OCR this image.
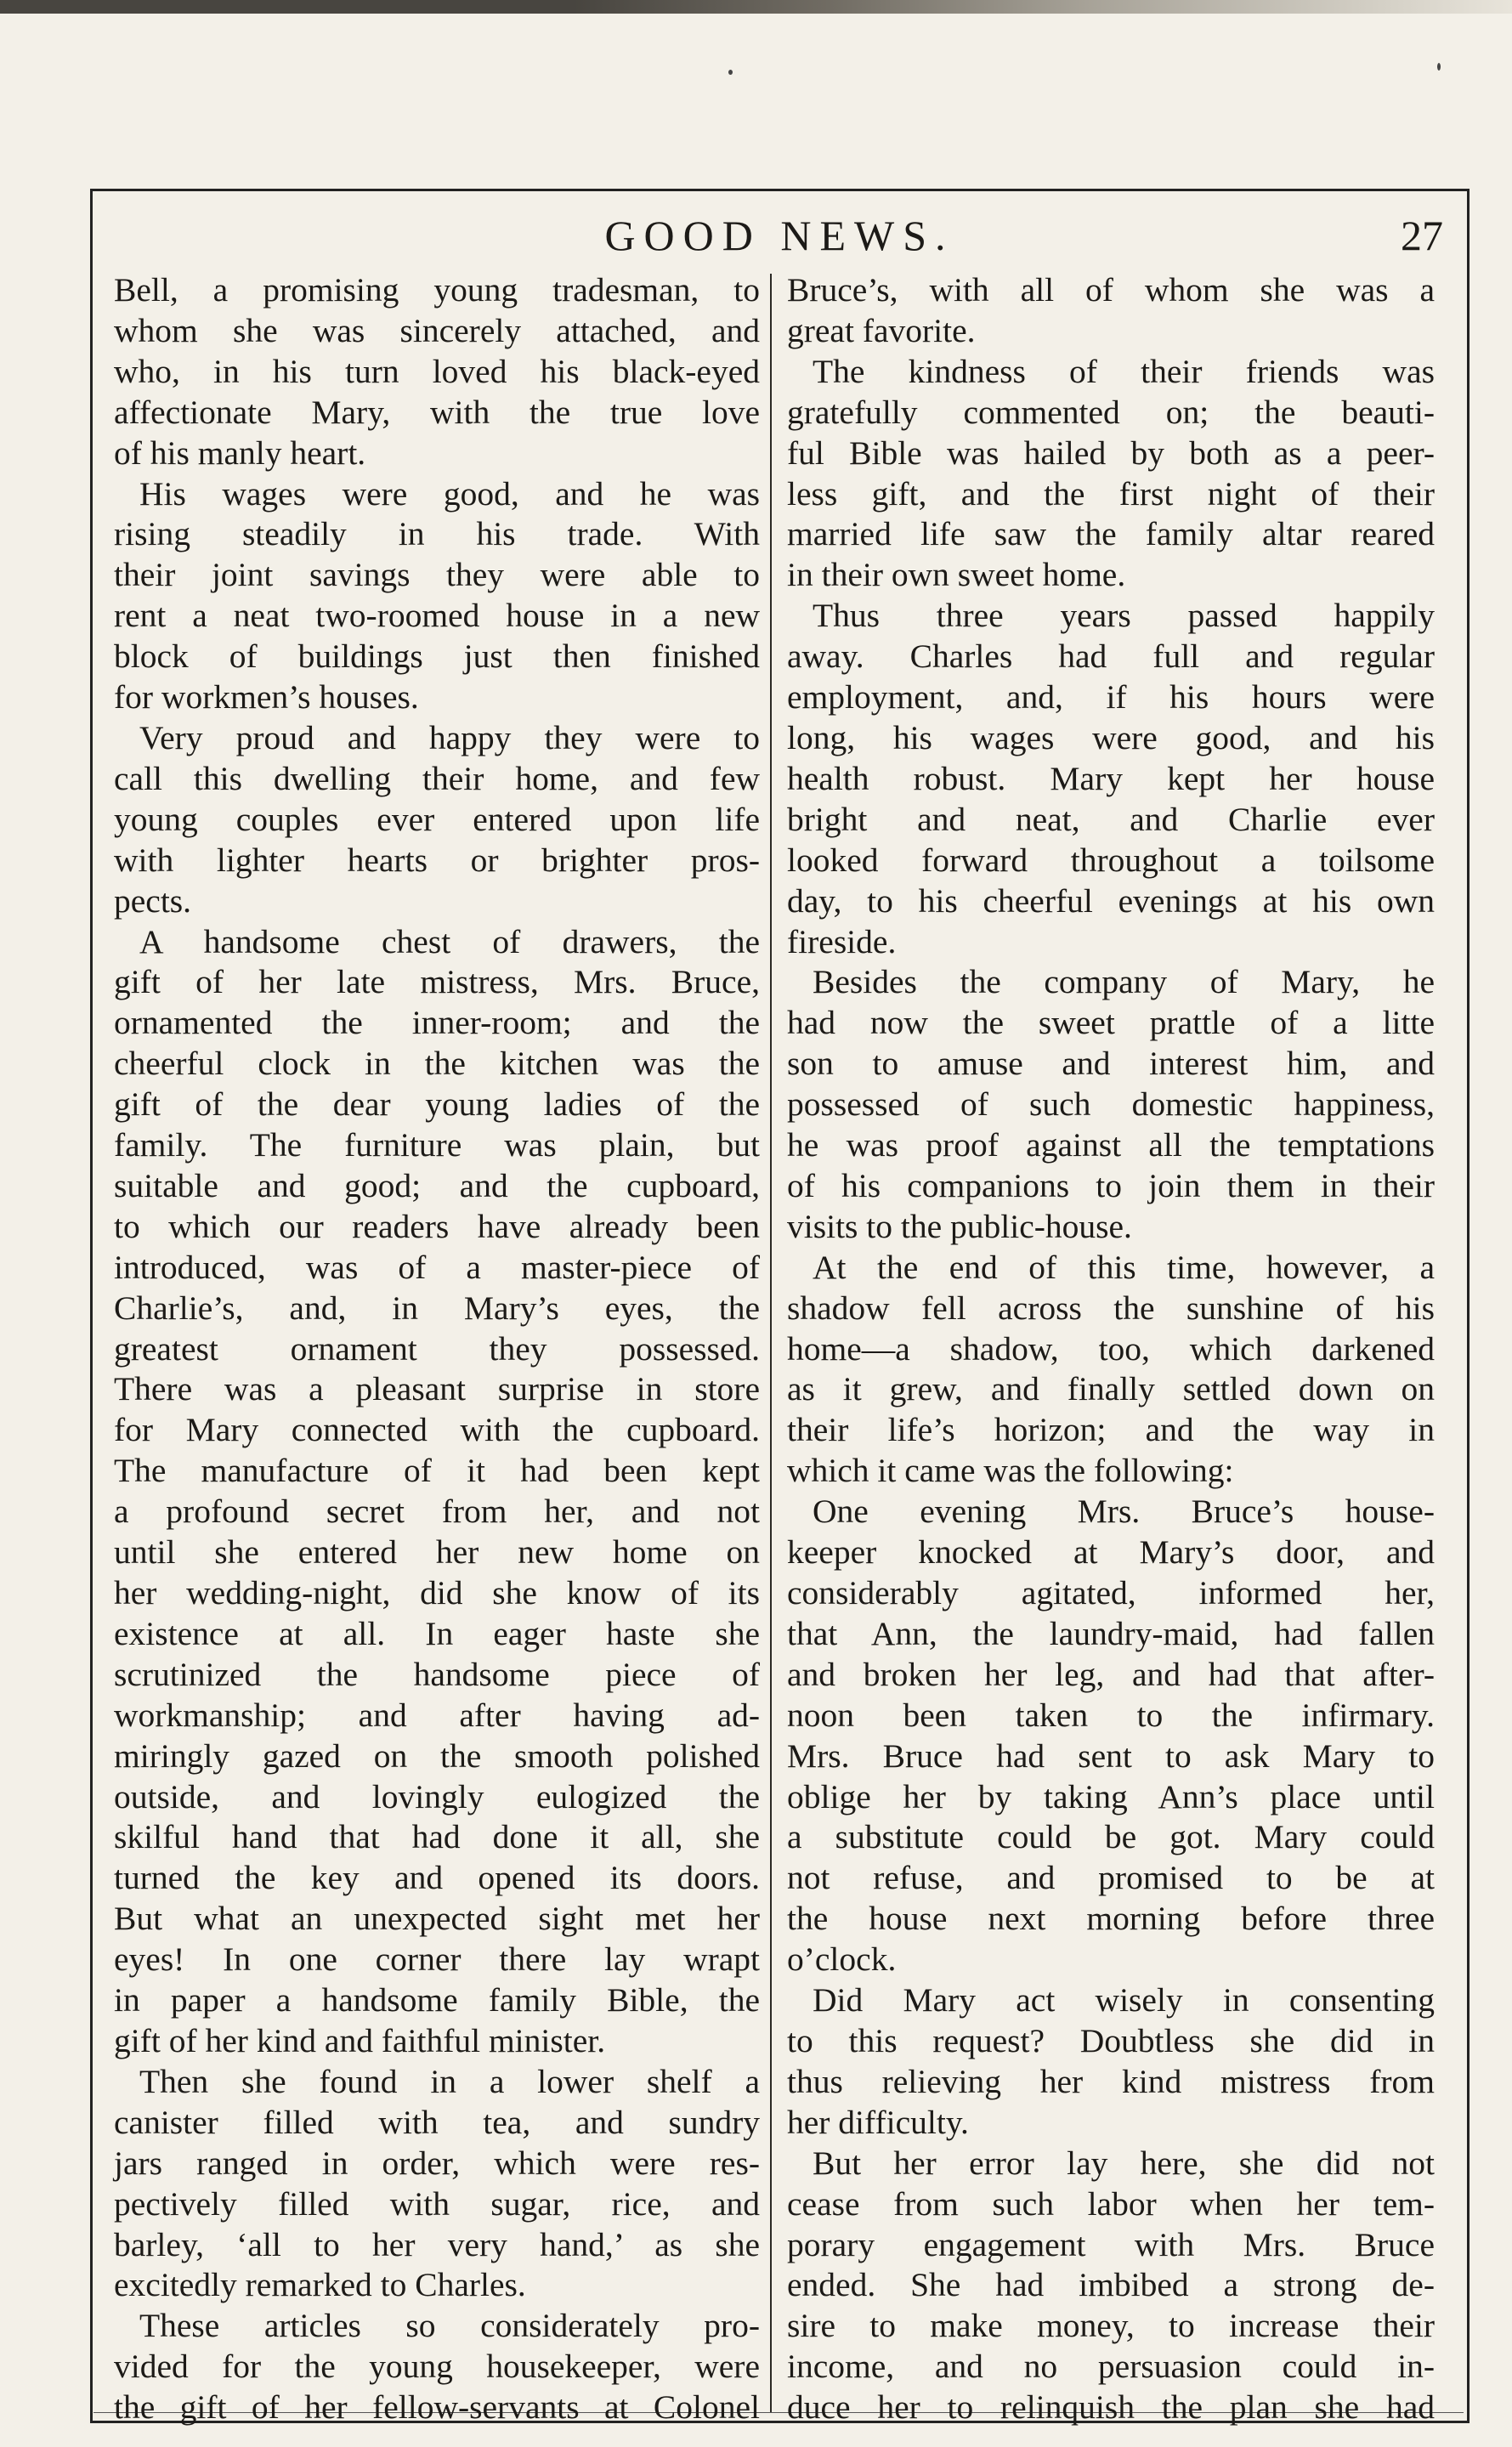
GOOD NEWS.	27

Bell, a promising young tradesman, to
whom she was sincerely attached, and
who, in his turn loved his black-eyed
affectionate Mary, with the true love
of his manly heart.

His wages were good, and he was
rising steadily in his trade. With
their joint savings they were able to
rent a neat two-roomed house in a new
block of buildings just then finished
for workmen’s houses.

Very proud and happy they were to
call this dwelling their home, and few
young couples ever entered upon life
with lighter hearts or brighter pros-
pects.

A handsome chest of drawers, the
gift of her late mistress, Mrs. Bruce,
ornamented the inner-room; and the
cheerful clock in the kitchen was the
gift of the dear young ladies of the
family. The furniture was plain, but
suitable and good; and the cupboard,
to which our readers have already been
introduced, was of a master-piece of
Charlie’s, and, in Mary’s eyes, the
greatest ornament they possessed.
There was a pleasant surprise in store
for Mary connected with the cupboard.
The manufacture of it had been kept
a profound secret from her, and not
until she entered her new home on
her wedding-night, did she know of its
existence at all. In eager haste she
scrutinized the handsome piece of
workmanship; and after having ad-
miringly gazed on the smooth polished
outside, and lovingly eulogized the
skilful hand that had done it all, she
turned the key and opened its doors.
But what an unexpected sight met her
eyes! In one corner there lay wrapt
in paper a handsome family Bible, the
gift of her kind and faithful minister.

Then she found in a lower shelf a
canister filled with tea, and sundry
jars ranged in order, which were res-
pectively filled with sugar, rice, and
barley, ‘all to her very hand,’ as she
excitedly remarked to Charles.

These articles so considerately pro-
vided for the young housekeeper, were
the gift of her fellow-servants at Colonel

Bruce’s, with all of whom she was a
great favorite.

The kindness of their friends was
gratefully commented on; the beauti-
ful Bible was hailed by both as a peer-
less gift, and the first night of their
married life saw the family altar reared
in their own sweet home.

Thus three years passed happily
away. Charles had full and regular
employment, and, if his hours were
long, his wages were good, and his
health robust. Mary kept her house
bright and neat, and Charlie ever
looked forward throughout a toilsome
day, to his cheerful evenings at his own
fireside.

Besides the company of Mary, he
had now the sweet prattle of a litte
son to amuse and interest him, and
possessed of such domestic happiness,
he was proof against all the temptations
of his companions to join them in their
visits to the public-house.

At the end of this time, however, a
shadow fell across the sunshine of his
home—a shadow, too, which darkened
as it grew, and finally settled down on
their life’s horizon; and the way in
which it came was the following:

One evening Mrs. Bruce’s house-
keeper knocked at Mary’s door, and
considerably agitated, informed her,
that Ann, the laundry-maid, had fallen
and broken her leg, and had that after-
noon been taken to the infirmary.
Mrs. Bruce had sent to ask Mary to
oblige her by taking Ann’s place until
a substitute could be got. Mary could
not refuse, and promised to be at
the house next morning before three
o’clock.

Did Mary act wisely in consenting
to this request? Doubtless she did in
thus relieving her kind mistress from
her difficulty.

But her error lay here, she did not
cease from such labor when her tem-
porary engagement with Mrs. Bruce
ended. She had imbibed a strong de-
sire to make money, to increase their
income, and no persuasion could in-
duce her to relinquish the plan she had
